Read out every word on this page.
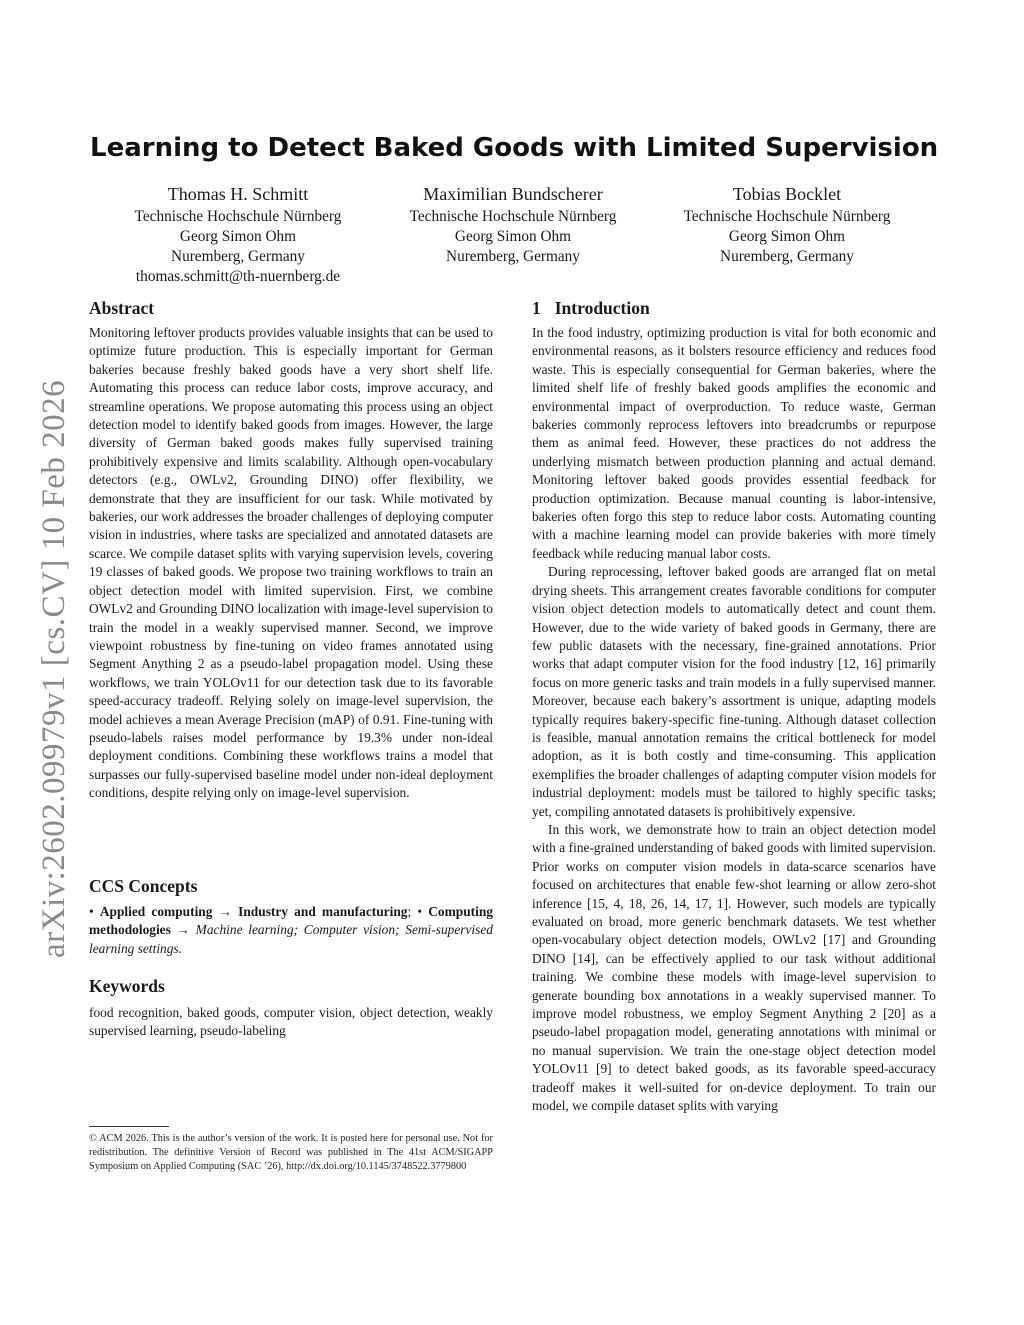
arXiv:2602.09979v1 [cs.CV] 10 Feb 2026
Learning to Detect Baked Goods with Limited Supervision
Thomas H. Schmitt
Technische Hochschule Nürnberg
Georg Simon Ohm
Nuremberg, Germany
thomas.schmitt@th-nuernberg.de
Maximilian Bundscherer
Technische Hochschule Nürnberg
Georg Simon Ohm
Nuremberg, Germany
Tobias Bocklet
Technische Hochschule Nürnberg
Georg Simon Ohm
Nuremberg, Germany
Abstract

Monitoring leftover products provides valuable insights that can be used to optimize future production. This is especially important for German bakeries because freshly baked goods have a very short shelf life. Automating this process can reduce labor costs, improve accuracy, and streamline operations. We propose automating this process using an object detection model to identify baked goods from images. However, the large diversity of German baked goods makes fully supervised training prohibitively expensive and limits scalability. Although open-vocabulary detectors (e.g., OWLv2, Grounding DINO) offer flexibility, we demonstrate that they are insufficient for our task. While motivated by bakeries, our work addresses the broader challenges of deploying computer vision in industries, where tasks are specialized and annotated datasets are scarce. We compile dataset splits with varying supervision levels, covering 19 classes of baked goods. We propose two training workflows to train an object detection model with limited supervision. First, we combine OWLv2 and Grounding DINO localization with image-level supervision to train the model in a weakly supervised manner. Second, we improve viewpoint robustness by fine-tuning on video frames annotated using Segment Anything 2 as a pseudo-label propagation model. Using these workflows, we train YOLOv11 for our detection task due to its favorable speed-accuracy tradeoff. Relying solely on image-level supervision, the model achieves a mean Average Precision (mAP) of 0.91. Fine-tuning with pseudo-labels raises model performance by 19.3% under non-ideal deployment conditions. Combining these workflows trains a model that surpasses our fully-supervised baseline model under non-ideal deployment conditions, despite relying only on image-level supervision.

CCS Concepts

• Applied computing → Industry and manufacturing; • Computing methodologies → Machine learning; Computer vision; Semi-supervised learning settings.

Keywords

food recognition, baked goods, computer vision, object detection, weakly supervised learning, pseudo-labeling

© ACM 2026. This is the author’s version of the work. It is posted here for personal use. Not for redistribution. The definitive Version of Record was published in The 41st ACM/SIGAPP Symposium on Applied Computing (SAC ’26), http://dx.doi.org/10.1145/3748522.3779800
1 Introduction

In the food industry, optimizing production is vital for both economic and environmental reasons, as it bolsters resource efficiency and reduces food waste. This is especially consequential for German bakeries, where the limited shelf life of freshly baked goods amplifies the economic and environmental impact of overproduction. To reduce waste, German bakeries commonly reprocess leftovers into breadcrumbs or repurpose them as animal feed. However, these practices do not address the underlying mismatch between production planning and actual demand. Monitoring leftover baked goods provides essential feedback for production optimization. Because manual counting is labor-intensive, bakeries often forgo this step to reduce labor costs. Automating counting with a machine learning model can provide bakeries with more timely feedback while reducing manual labor costs.

During reprocessing, leftover baked goods are arranged flat on metal drying sheets. This arrangement creates favorable conditions for computer vision object detection models to automatically detect and count them. However, due to the wide variety of baked goods in Germany, there are few public datasets with the necessary, fine-grained annotations. Prior works that adapt computer vision for the food industry [12, 16] primarily focus on more generic tasks and train models in a fully supervised manner. Moreover, because each bakery’s assortment is unique, adapting models typically requires bakery-specific fine-tuning. Although dataset collection is feasible, manual annotation remains the critical bottleneck for model adoption, as it is both costly and time-consuming. This application exemplifies the broader challenges of adapting computer vision models for industrial deployment: models must be tailored to highly specific tasks; yet, compiling annotated datasets is prohibitively expensive.

In this work, we demonstrate how to train an object detection model with a fine-grained understanding of baked goods with limited supervision. Prior works on computer vision models in data-scarce scenarios have focused on architectures that enable few-shot learning or allow zero-shot inference [15, 4, 18, 26, 14, 17, 1]. However, such models are typically evaluated on broad, more generic benchmark datasets. We test whether open-vocabulary object detection models, OWLv2 [17] and Grounding DINO [14], can be effectively applied to our task without additional training. We combine these models with image-level supervision to generate bounding box annotations in a weakly supervised manner. To improve model robustness, we employ Segment Anything 2 [20] as a pseudo-label propagation model, generating annotations with minimal or no manual supervision. We train the one-stage object detection model YOLOv11 [9] to detect baked goods, as its favorable speed-accuracy tradeoff makes it well-suited for on-device deployment. To train our model, we compile dataset splits with varying
